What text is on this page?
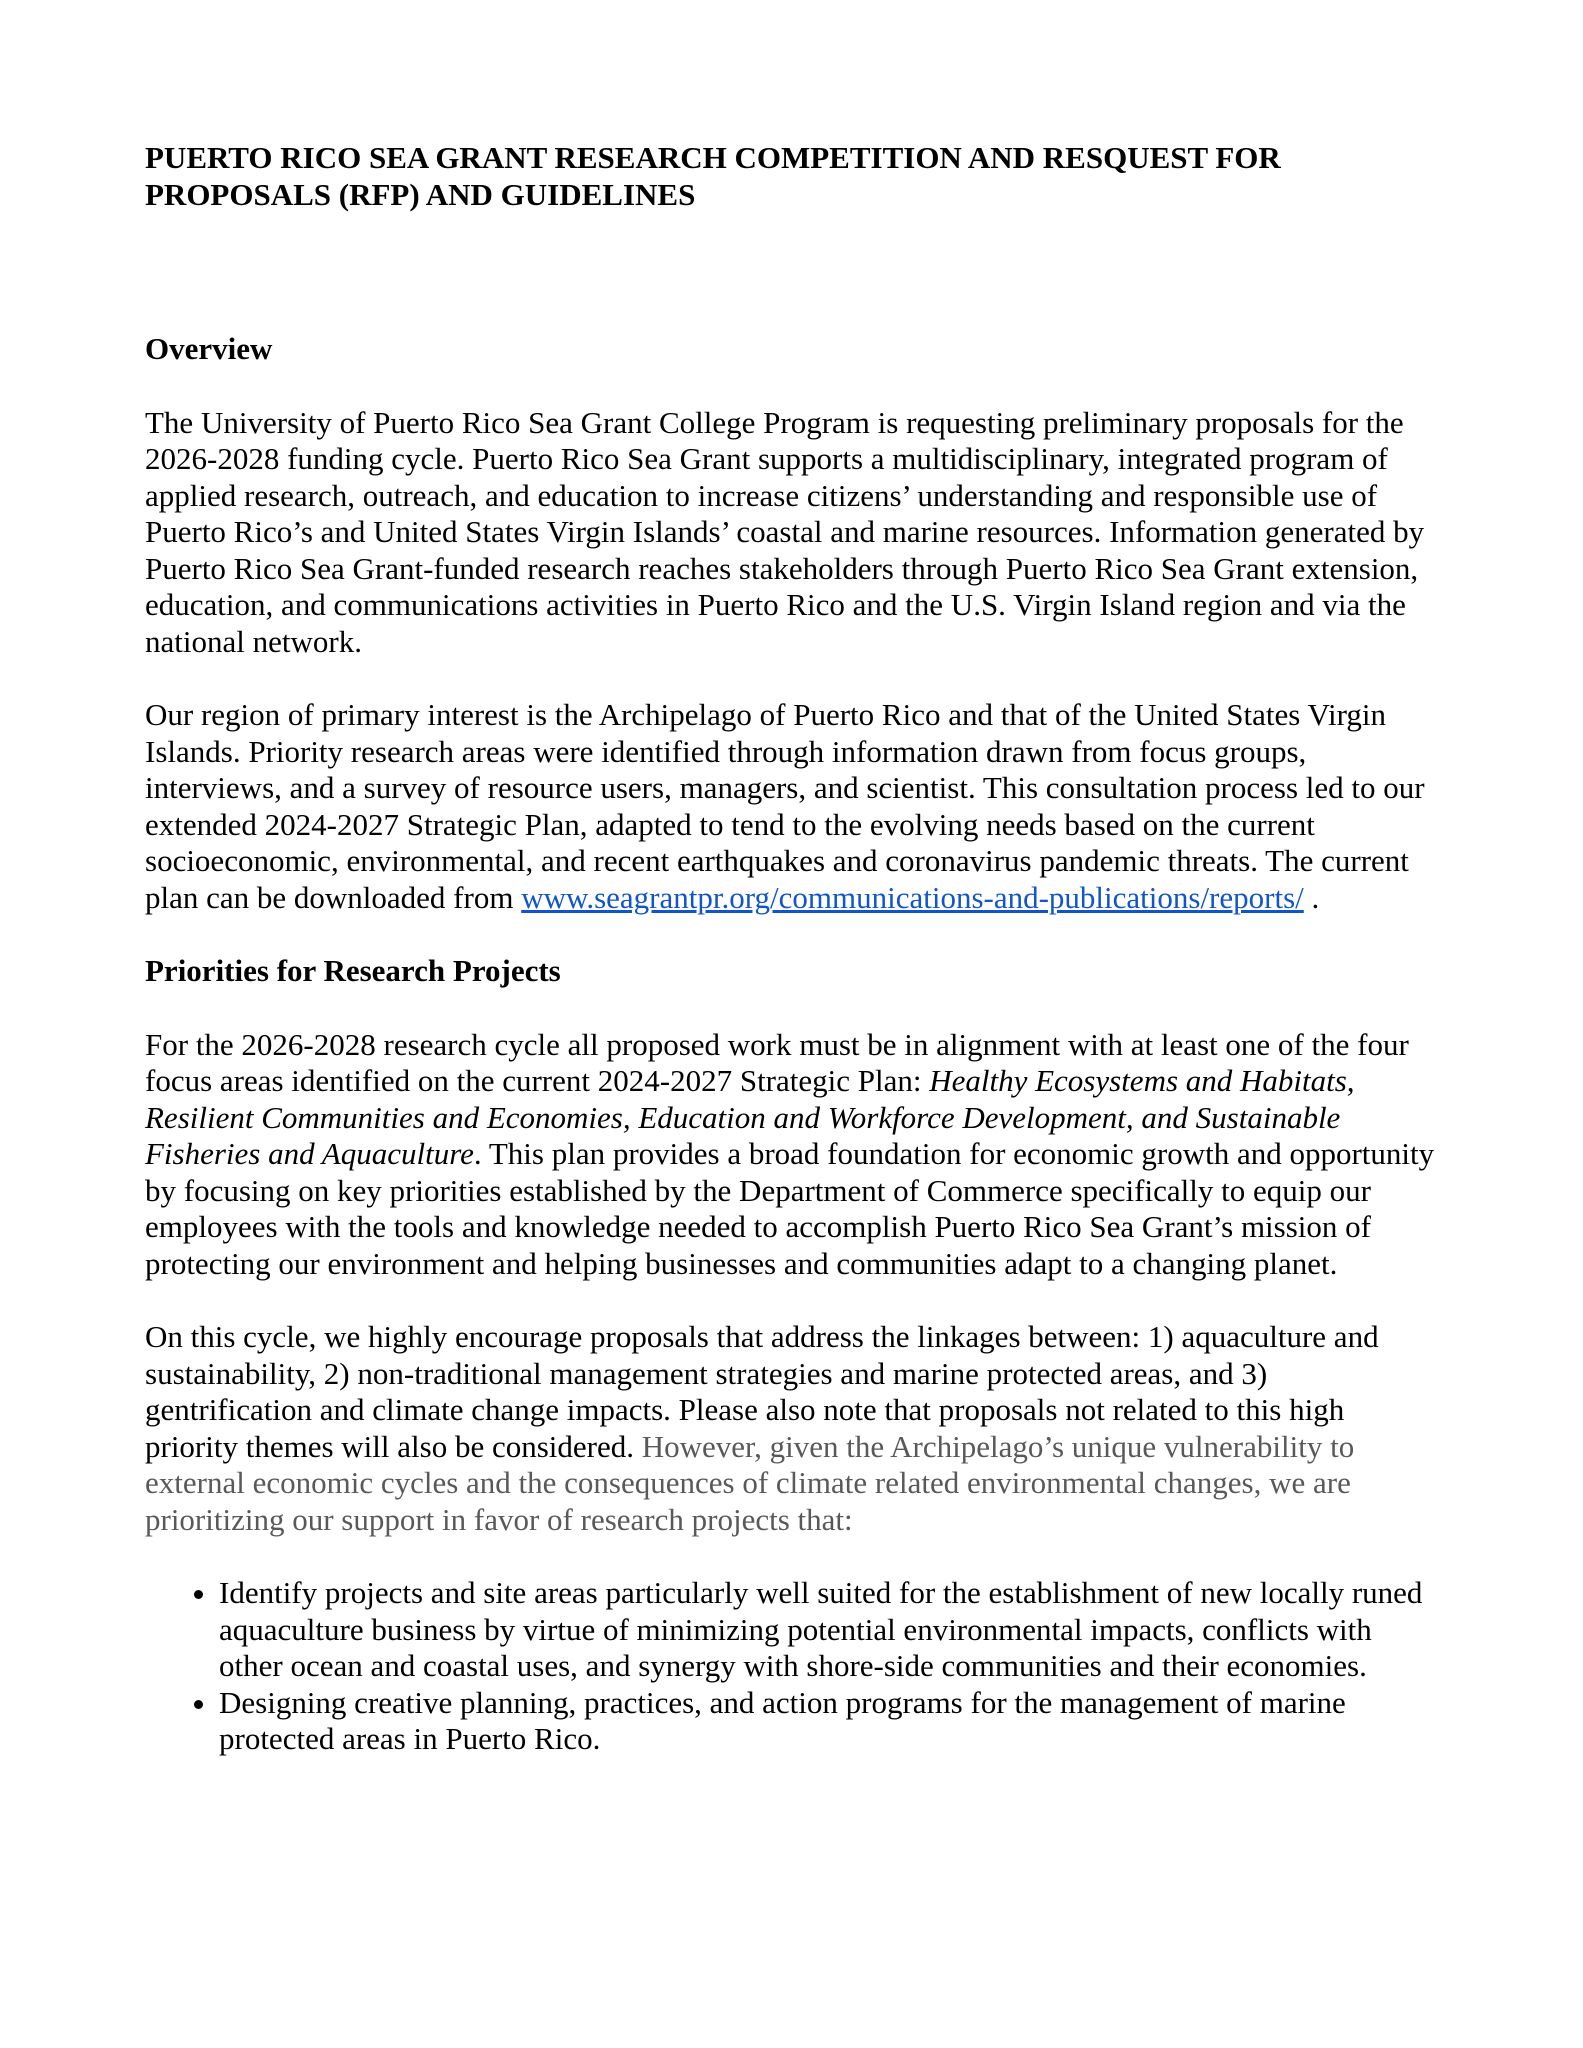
PUERTO RICO SEA GRANT RESEARCH COMPETITION AND RESQUEST FOR PROPOSALS (RFP) AND GUIDELINES
Overview

The University of Puerto Rico Sea Grant College Program is requesting preliminary proposals for the 2026-2028 funding cycle. Puerto Rico Sea Grant supports a multidisciplinary, integrated program of applied research, outreach, and education to increase citizens’ understanding and responsible use of Puerto Rico’s and United States Virgin Islands’ coastal and marine resources. Information generated by Puerto Rico Sea Grant-funded research reaches stakeholders through Puerto Rico Sea Grant extension, education, and communications activities in Puerto Rico and the U.S. Virgin Island region and via the national network.

Our region of primary interest is the Archipelago of Puerto Rico and that of the United States Virgin Islands. Priority research areas were identified through information drawn from focus groups, interviews, and a survey of resource users, managers, and scientist. This consultation process led to our extended 2024-2027 Strategic Plan, adapted to tend to the evolving needs based on the current socioeconomic, environmental, and recent earthquakes and coronavirus pandemic threats. The current plan can be downloaded from www.seagrantpr.org/communications-and-publications/reports/ .

Priorities for Research Projects

For the 2026-2028 research cycle all proposed work must be in alignment with at least one of the four focus areas identified on the current 2024-2027 Strategic Plan: Healthy Ecosystems and Habitats, Resilient Communities and Economies, Education and Workforce Development, and Sustainable Fisheries and Aquaculture. This plan provides a broad foundation for economic growth and opportunity by focusing on key priorities established by the Department of Commerce specifically to equip our employees with the tools and knowledge needed to accomplish Puerto Rico Sea Grant’s mission of protecting our environment and helping businesses and communities adapt to a changing planet.

On this cycle, we highly encourage proposals that address the linkages between: 1) aquaculture and sustainability, 2) non-traditional management strategies and marine protected areas, and 3) gentrification and climate change impacts. Please also note that proposals not related to this high priority themes will also be considered. However, given the Archipelago’s unique vulnerability to external economic cycles and the consequences of climate related environmental changes, we are prioritizing our support in favor of research projects that:

• Identify projects and site areas particularly well suited for the establishment of new locally runed aquaculture business by virtue of minimizing potential environmental impacts, conflicts with other ocean and coastal uses, and synergy with shore-side communities and their economies.
• Designing creative planning, practices, and action programs for the management of marine protected areas in Puerto Rico.
